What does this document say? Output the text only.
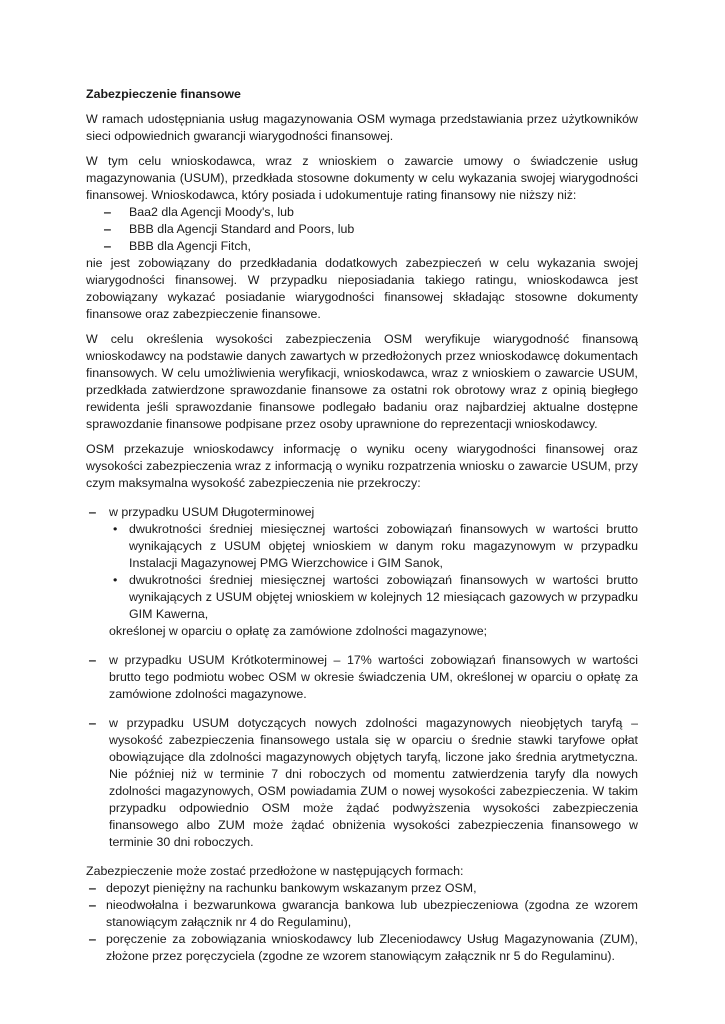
Zabezpieczenie finansowe

W ramach udostępniania usług magazynowania OSM wymaga przedstawiania przez użytkowników sieci odpowiednich gwarancji wiarygodności finansowej.

W tym celu wnioskodawca, wraz z wnioskiem o zawarcie umowy o świadczenie usług magazynowania (USUM), przedkłada stosowne dokumenty w celu wykazania swojej wiarygodności finansowej. Wnioskodawca, który posiada i udokumentuje rating finansowy nie niższy niż:

‒ Baa2 dla Agencji Moody's, lub
‒ BBB dla Agencji Standard and Poors, lub
‒ BBB dla Agencji Fitch,

nie jest zobowiązany do przedkładania dodatkowych zabezpieczeń w celu wykazania swojej wiarygodności finansowej. W przypadku nieposiadania takiego ratingu, wnioskodawca jest zobowiązany wykazać posiadanie wiarygodności finansowej składając stosowne dokumenty finansowe oraz zabezpieczenie finansowe.

W celu określenia wysokości zabezpieczenia OSM weryfikuje wiarygodność finansową wnioskodawcy na podstawie danych zawartych w przedłożonych przez wnioskodawcę dokumentach finansowych. W celu umożliwienia weryfikacji, wnioskodawca, wraz z wnioskiem o zawarcie USUM, przedkłada zatwierdzone sprawozdanie finansowe za ostatni rok obrotowy wraz z opinią biegłego rewidenta jeśli sprawozdanie finansowe podlegało badaniu oraz najbardziej aktualne dostępne sprawozdanie finansowe podpisane przez osoby uprawnione do reprezentacji wnioskodawcy.

OSM przekazuje wnioskodawcy informację o wyniku oceny wiarygodności finansowej oraz wysokości zabezpieczenia wraz z informacją o wyniku rozpatrzenia wniosku o zawarcie USUM, przy czym maksymalna wysokość zabezpieczenia nie przekroczy:

‒ w przypadku USUM Długoterminowej
• dwukrotności średniej miesięcznej wartości zobowiązań finansowych w wartości brutto wynikających z USUM objętej wnioskiem w danym roku magazynowym w przypadku Instalacji Magazynowej PMG Wierzchowice i GIM Sanok,
• dwukrotności średniej miesięcznej wartości zobowiązań finansowych w wartości brutto wynikających z USUM objętej wnioskiem w kolejnych 12 miesiącach gazowych w przypadku GIM Kawerna,
określonej w oparciu o opłatę za zamówione zdolności magazynowe;
‒ w przypadku USUM Krótkoterminowej – 17% wartości zobowiązań finansowych w wartości brutto tego podmiotu wobec OSM w okresie świadczenia UM, określonej w oparciu o opłatę za zamówione zdolności magazynowe.
‒ w przypadku USUM dotyczących nowych zdolności magazynowych nieobjętych taryfą – wysokość zabezpieczenia finansowego ustala się w oparciu o średnie stawki taryfowe opłat obowiązujące dla zdolności magazynowych objętych taryfą, liczone jako średnia arytmetyczna. Nie później niż w terminie 7 dni roboczych od momentu zatwierdzenia taryfy dla nowych zdolności magazynowych, OSM powiadamia ZUM o nowej wysokości zabezpieczenia. W takim przypadku odpowiednio OSM może żądać podwyższenia wysokości zabezpieczenia finansowego albo ZUM może żądać obniżenia wysokości zabezpieczenia finansowego w terminie 30 dni roboczych.

Zabezpieczenie może zostać przedłożone w następujących formach:

‒ depozyt pieniężny na rachunku bankowym wskazanym przez OSM,
‒ nieodwołalna i bezwarunkowa gwarancja bankowa lub ubezpieczeniowa (zgodna ze wzorem stanowiącym załącznik nr 4 do Regulaminu),
‒ poręczenie za zobowiązania wnioskodawcy lub Zleceniodawcy Usług Magazynowania (ZUM), złożone przez poręczyciela (zgodne ze wzorem stanowiącym załącznik nr 5 do Regulaminu).
